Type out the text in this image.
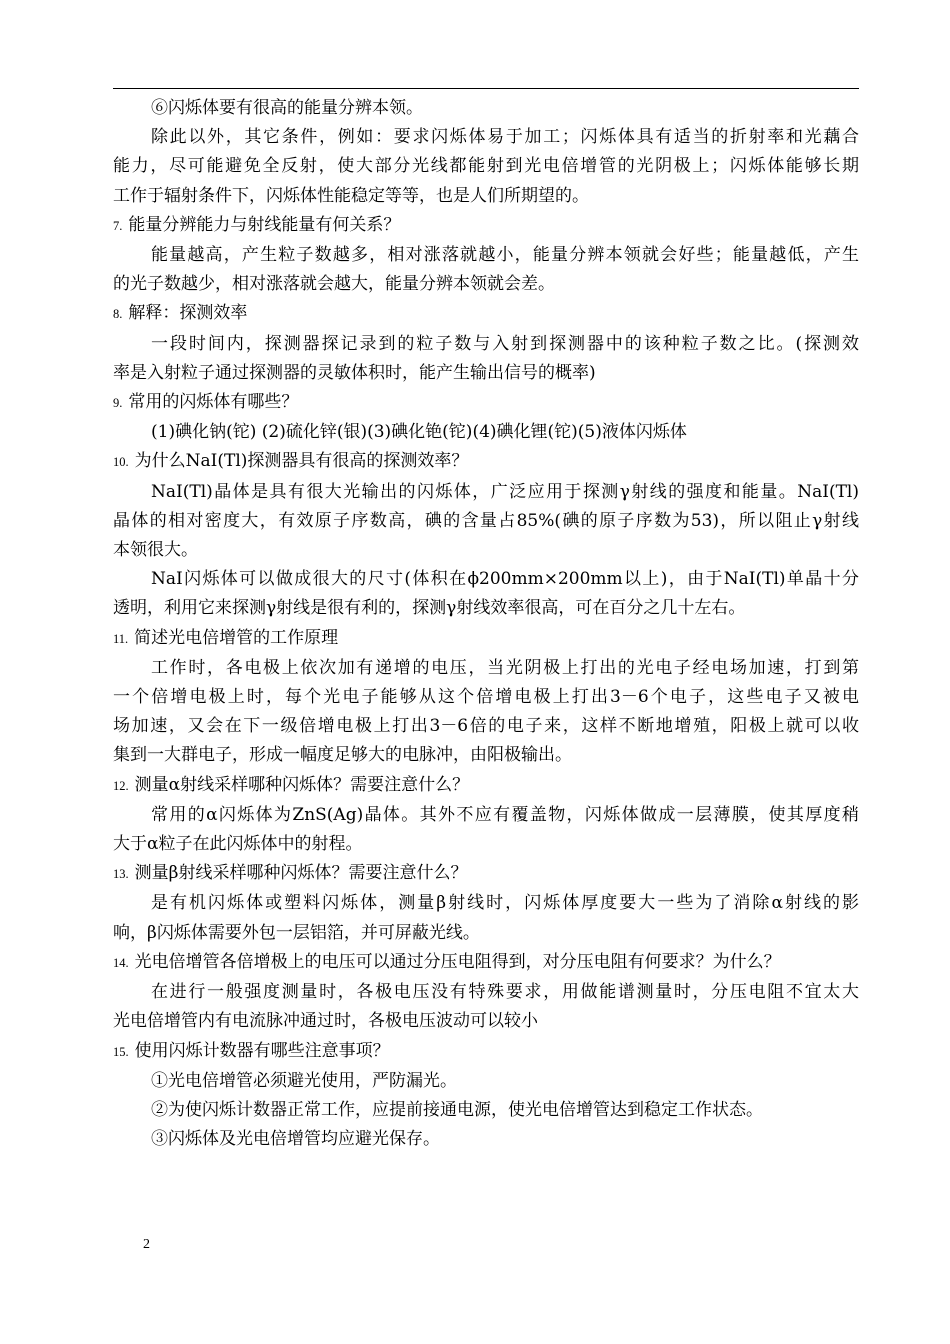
⑥闪烁体要有很高的能量分辨本领。
除此以外，其它条件，例如：要求闪烁体易于加工；闪烁体具有适当的折射率和光藕合
能力，尽可能避免全反射，使大部分光线都能射到光电倍增管的光阴极上；闪烁体能够长期
工作于辐射条件下，闪烁体性能稳定等等，也是人们所期望的。
7. 能量分辨能力与射线能量有何关系？
能量越高，产生粒子数越多，相对涨落就越小，能量分辨本领就会好些；能量越低，产生
的光子数越少，相对涨落就会越大，能量分辨本领就会差。
8. 解释：探测效率
一段时间内，探测器探记录到的粒子数与入射到探测器中的该种粒子数之比。(探测效
率是入射粒子通过探测器的灵敏体积时，能产生输出信号的概率)
9. 常用的闪烁体有哪些？
(1)碘化钠(铊) (2)硫化锌(银)(3)碘化铯(铊)(4)碘化锂(铊)(5)液体闪烁体
10. 为什么NaI(Tl)探测器具有很高的探测效率？
NaI(Tl)晶体是具有很大光输出的闪烁体，广泛应用于探测γ射线的强度和能量。NaI(Tl)
晶体的相对密度大，有效原子序数高，碘的含量占85%(碘的原子序数为53)，所以阻止γ射线
本领很大。
NaI闪烁体可以做成很大的尺寸(体积在ϕ200mm×200mm以上)，由于NaI(Tl)单晶十分
透明，利用它来探测γ射线是很有利的，探测γ射线效率很高，可在百分之几十左右。
11. 简述光电倍增管的工作原理
工作时，各电极上依次加有递增的电压，当光阴极上打出的光电子经电场加速，打到第
一个倍增电极上时，每个光电子能够从这个倍增电极上打出3－6个电子，这些电子又被电
场加速，又会在下一级倍增电极上打出3－6倍的电子来，这样不断地增殖，阳极上就可以收
集到一大群电子，形成一幅度足够大的电脉冲，由阳极输出。
12. 测量α射线采样哪种闪烁体？需要注意什么？
常用的α闪烁体为ZnS(Ag)晶体。其外不应有覆盖物，闪烁体做成一层薄膜，使其厚度稍
大于α粒子在此闪烁体中的射程。
13. 测量β射线采样哪种闪烁体？需要注意什么？
是有机闪烁体或塑料闪烁体，测量β射线时，闪烁体厚度要大一些为了消除α射线的影
响，β闪烁体需要外包一层铝箔，并可屏蔽光线。
14. 光电倍增管各倍增极上的电压可以通过分压电阻得到，对分压电阻有何要求？为什么？
在进行一般强度测量时，各极电压没有特殊要求，用做能谱测量时，分压电阻不宜太大
光电倍增管内有电流脉冲通过时，各极电压波动可以较小
15. 使用闪烁计数器有哪些注意事项？
①光电倍增管必须避光使用，严防漏光。
②为使闪烁计数器正常工作，应提前接通电源，使光电倍增管达到稳定工作状态。
③闪烁体及光电倍增管均应避光保存。
2
